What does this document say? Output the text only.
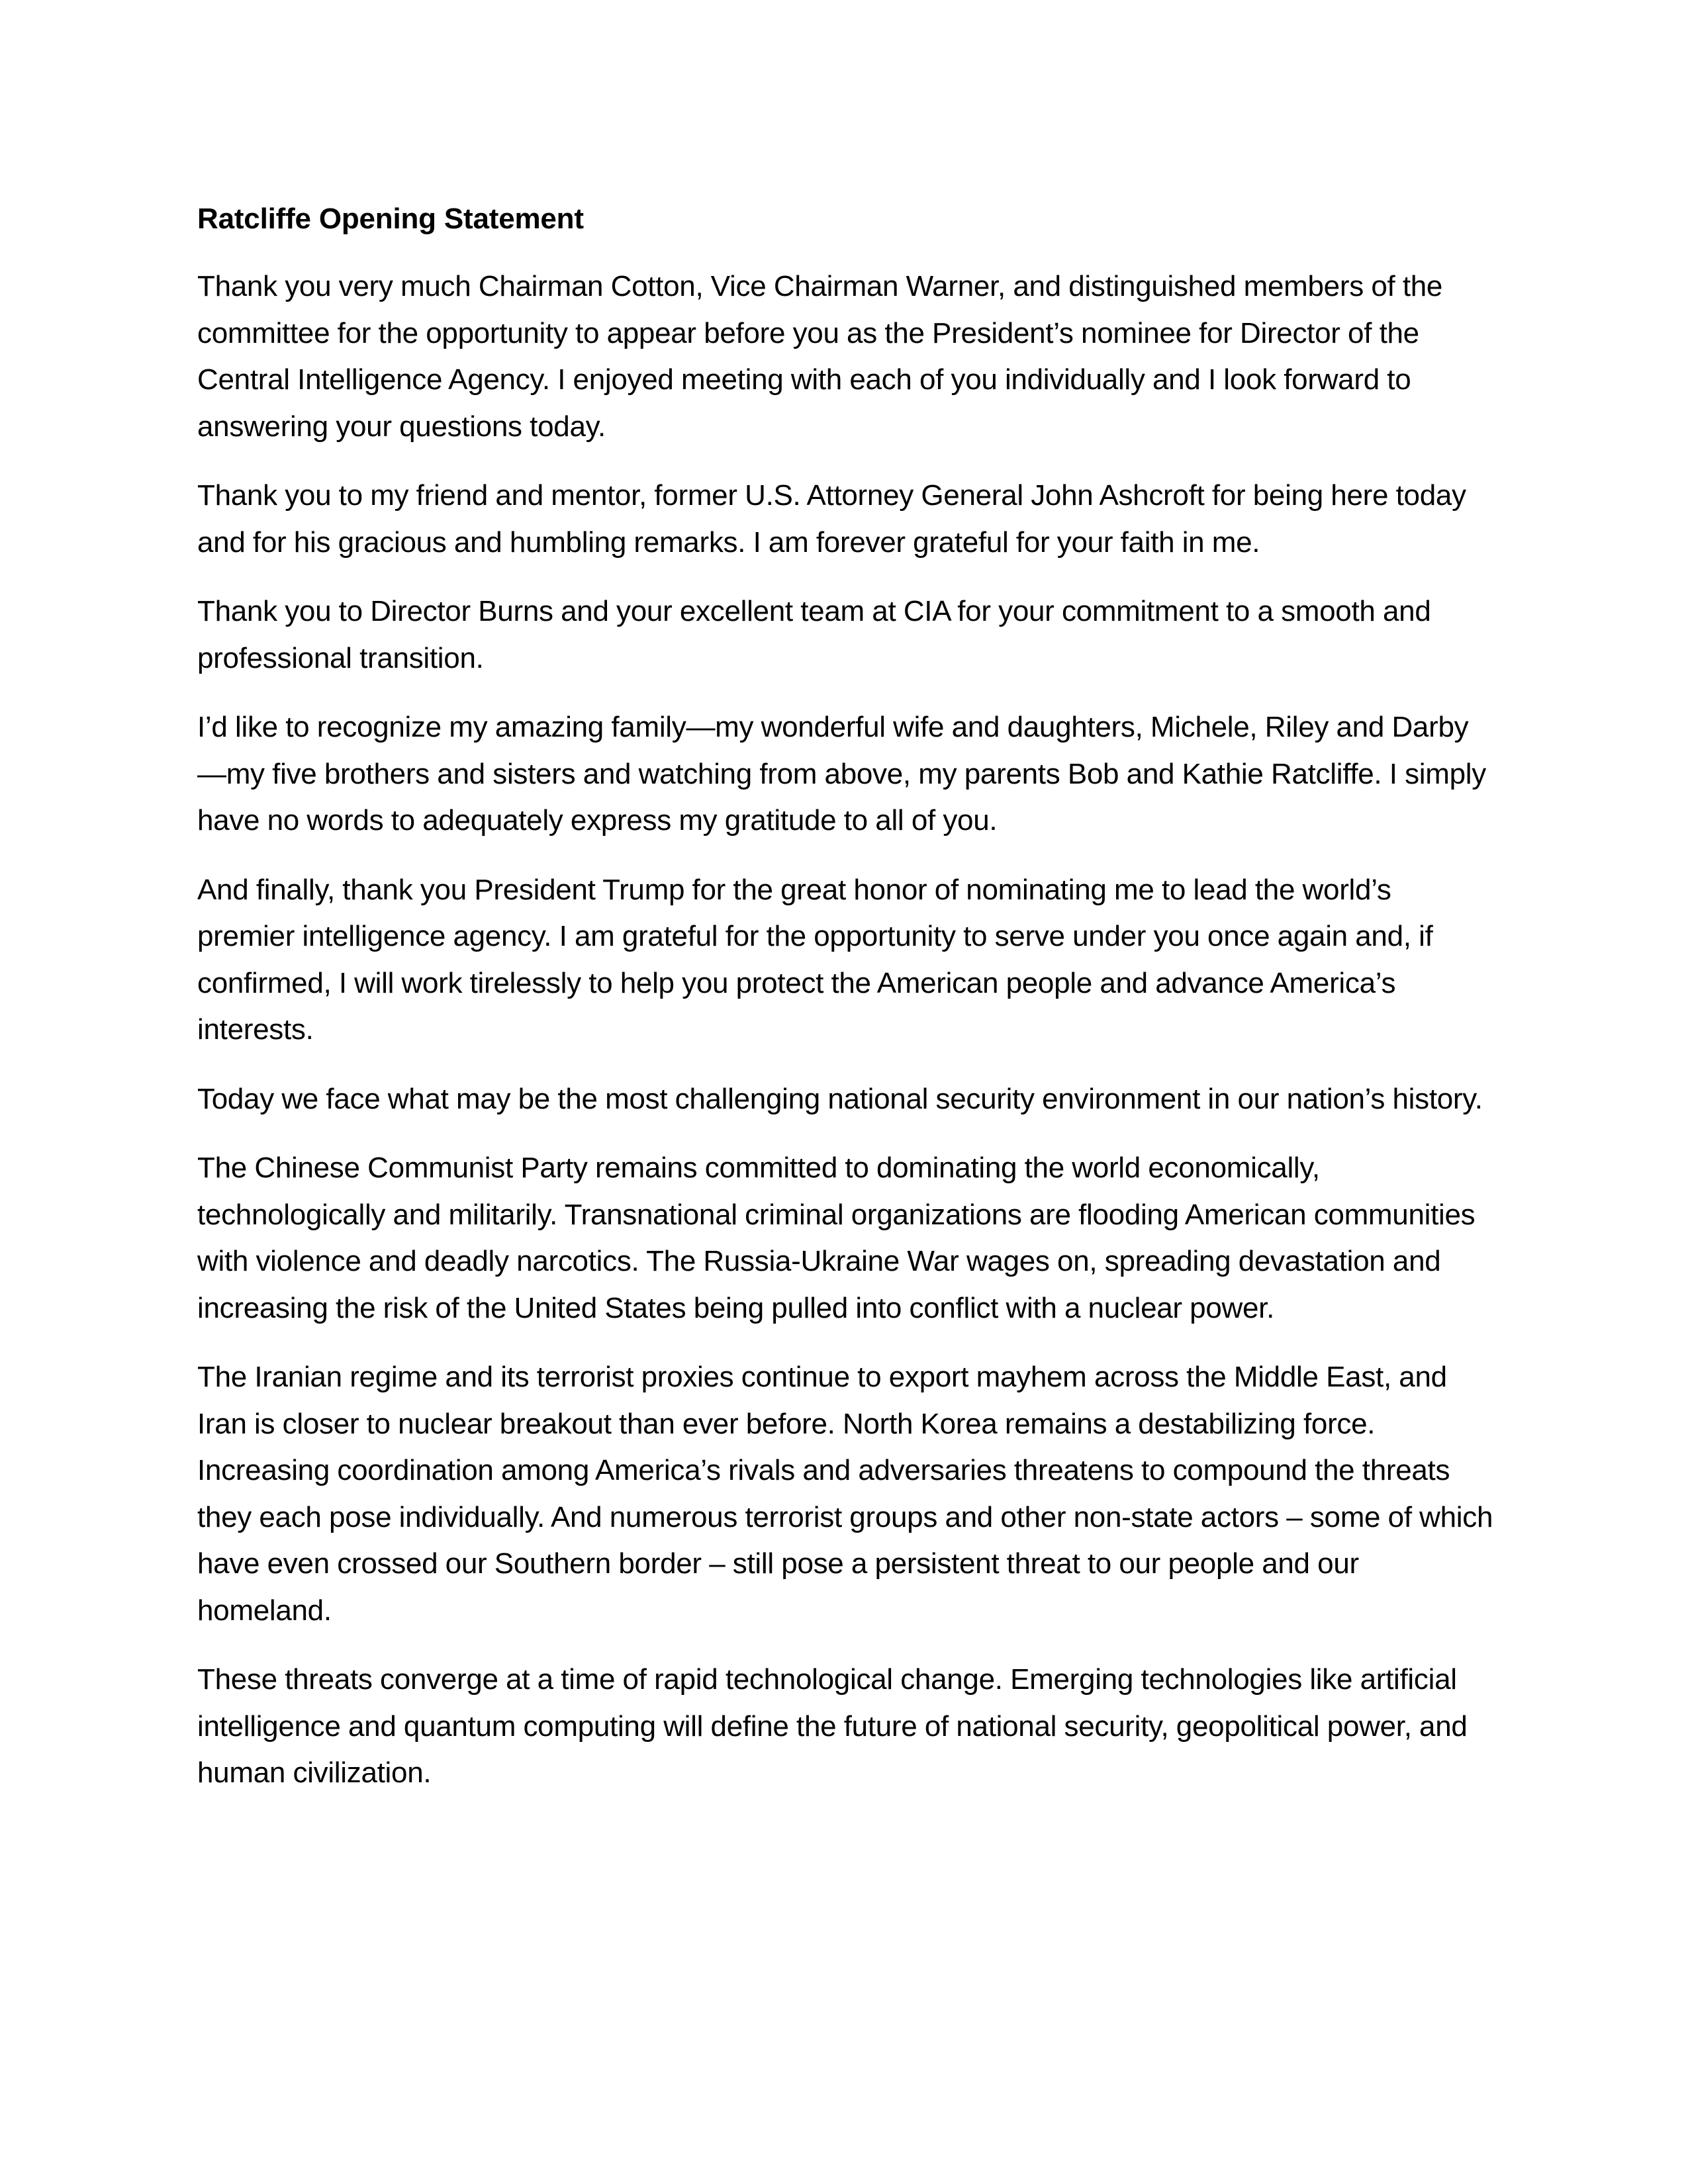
Ratcliffe Opening Statement

Thank you very much Chairman Cotton, Vice Chairman Warner, and distinguished members of the committee for the opportunity to appear before you as the President’s nominee for Director of the Central Intelligence Agency. I enjoyed meeting with each of you individually and I look forward to answering your questions today.

Thank you to my friend and mentor, former U.S. Attorney General John Ashcroft for being here today and for his gracious and humbling remarks. I am forever grateful for your faith in me.

Thank you to Director Burns and your excellent team at CIA for your commitment to a smooth and professional transition.

I’d like to recognize my amazing family—my wonderful wife and daughters, Michele, Riley and Darby—my five brothers and sisters and watching from above, my parents Bob and Kathie Ratcliffe. I simply have no words to adequately express my gratitude to all of you.

And finally, thank you President Trump for the great honor of nominating me to lead the world’s premier intelligence agency. I am grateful for the opportunity to serve under you once again and, if confirmed, I will work tirelessly to help you protect the American people and advance America’s interests.

Today we face what may be the most challenging national security environment in our nation’s history.

The Chinese Communist Party remains committed to dominating the world economically, technologically and militarily. Transnational criminal organizations are flooding American communities with violence and deadly narcotics. The Russia-Ukraine War wages on, spreading devastation and increasing the risk of the United States being pulled into conflict with a nuclear power.

The Iranian regime and its terrorist proxies continue to export mayhem across the Middle East, and Iran is closer to nuclear breakout than ever before. North Korea remains a destabilizing force. Increasing coordination among America’s rivals and adversaries threatens to compound the threats they each pose individually. And numerous terrorist groups and other non-state actors – some of which have even crossed our Southern border – still pose a persistent threat to our people and our homeland.

These threats converge at a time of rapid technological change. Emerging technologies like artificial intelligence and quantum computing will define the future of national security, geopolitical power, and human civilization.
